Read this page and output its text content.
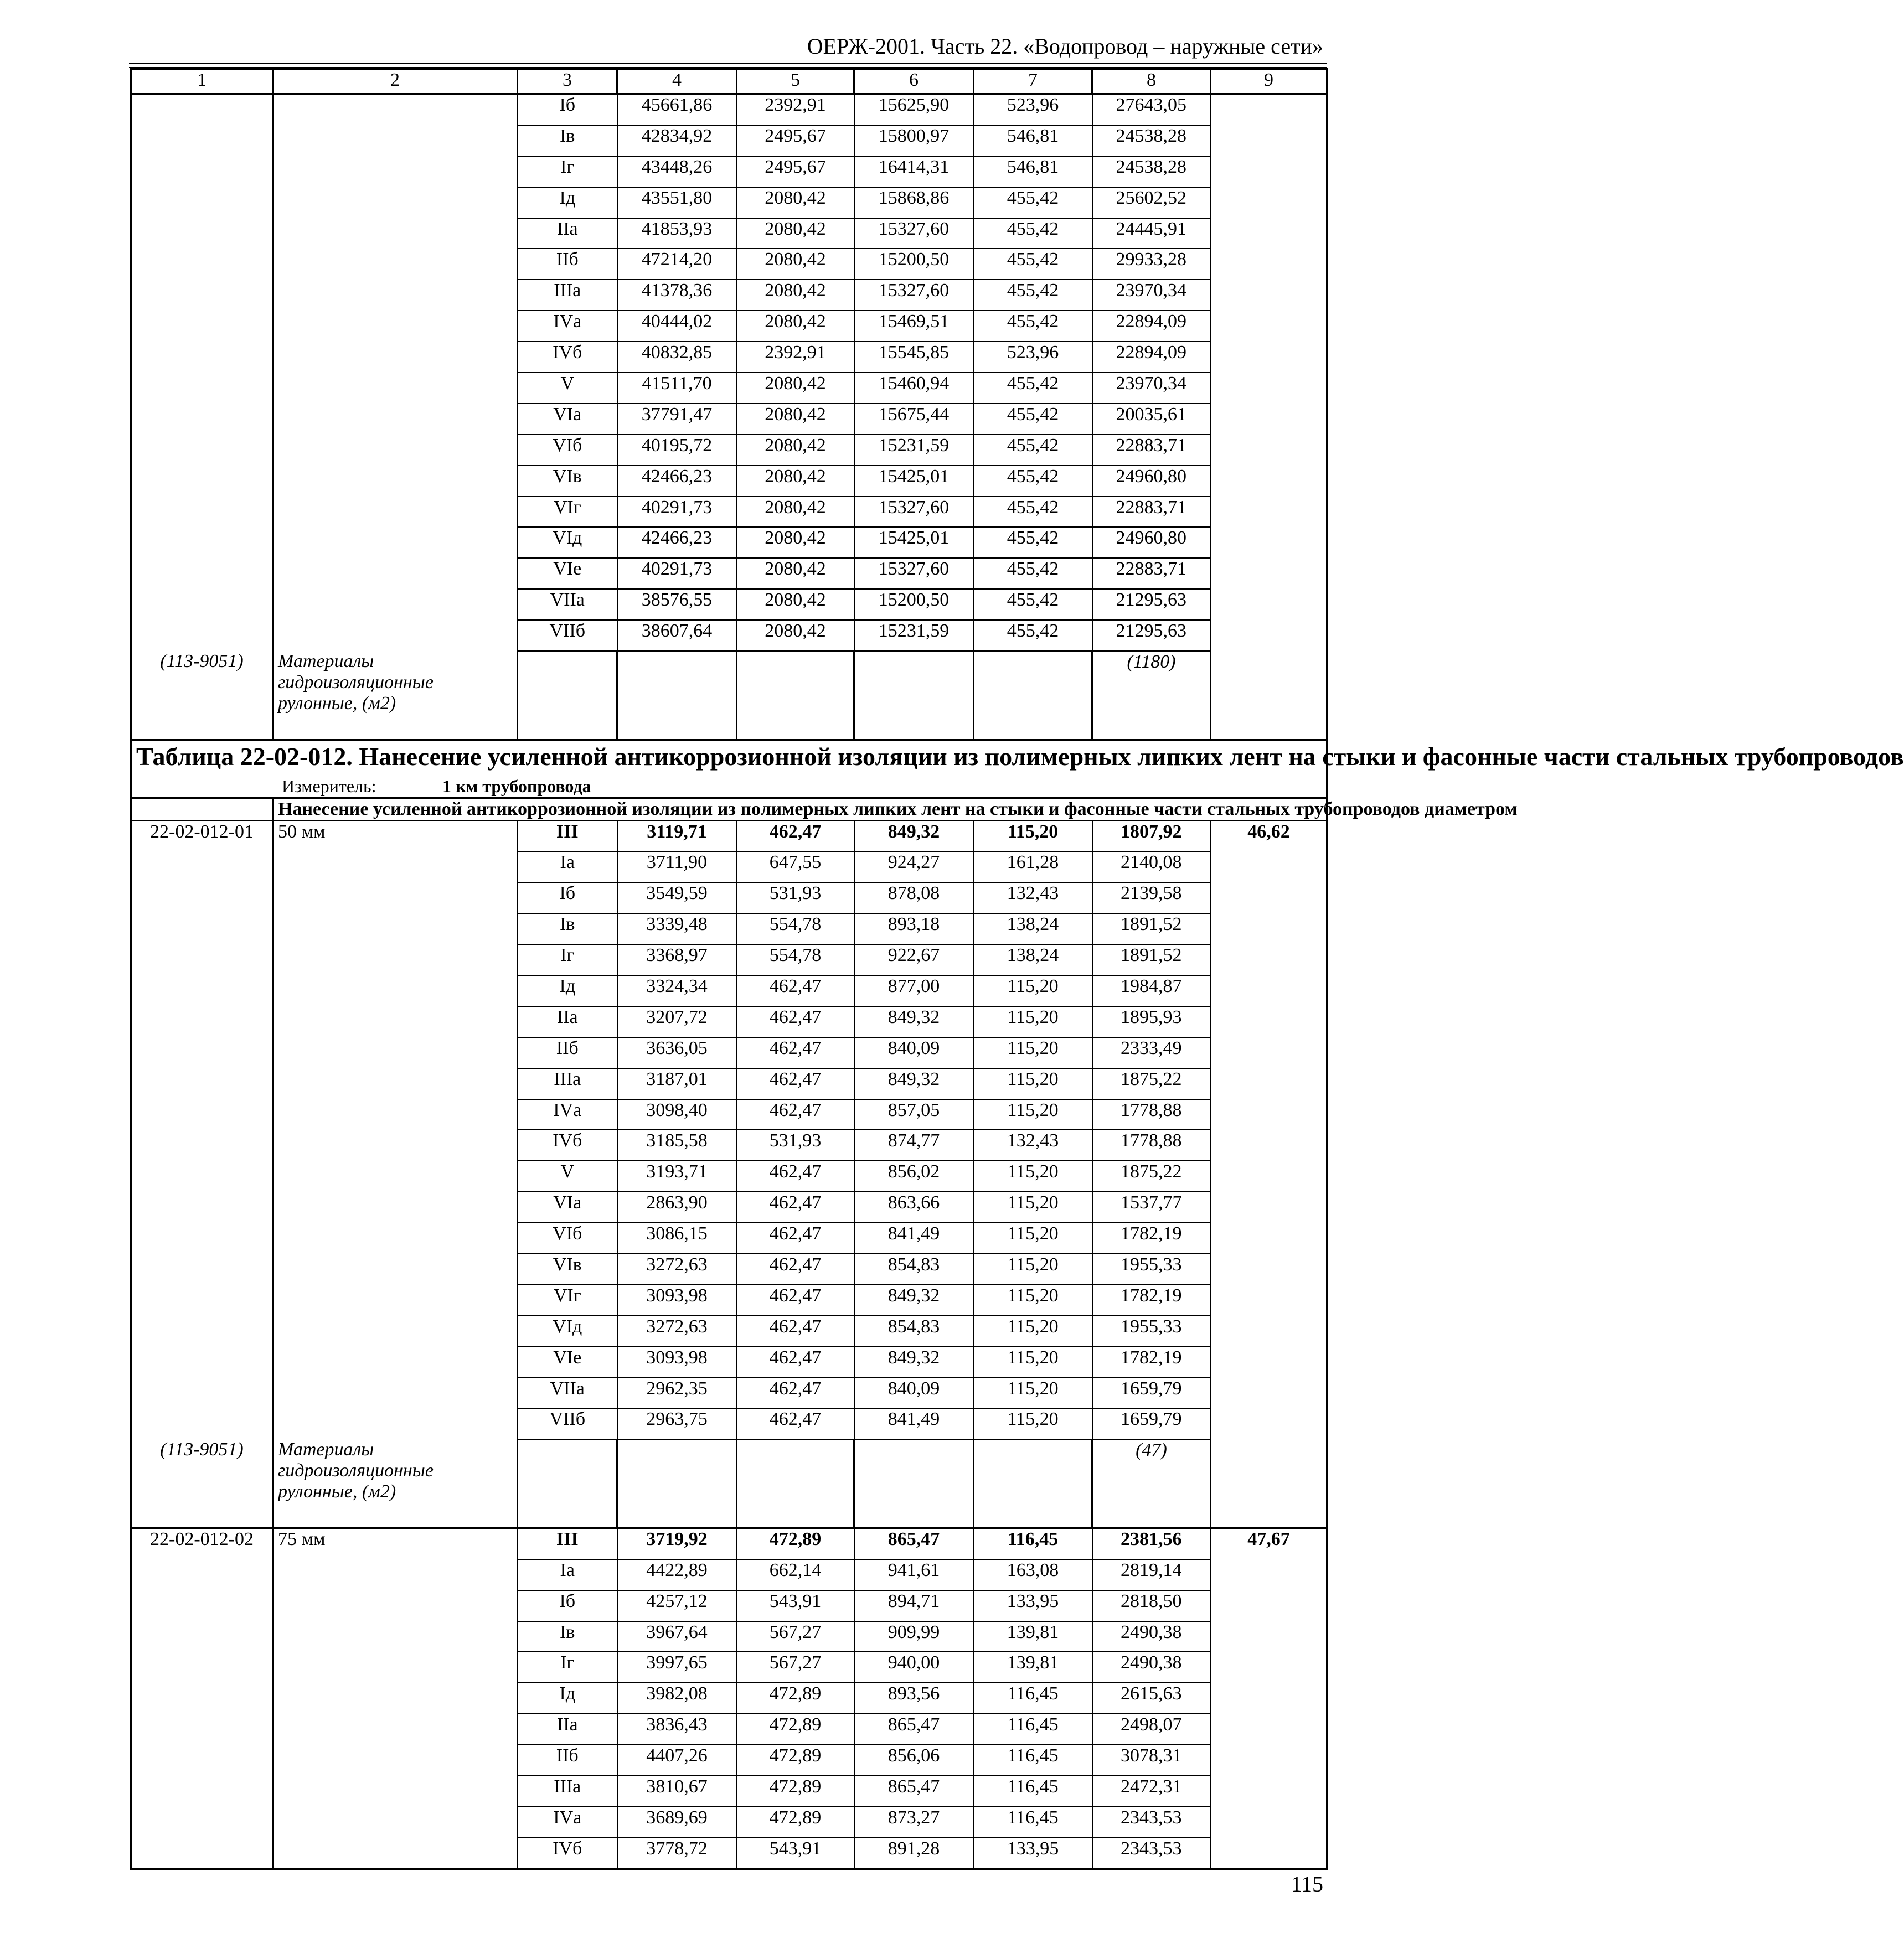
ОЕРЖ-2001. Часть 22. «Водопровод – наружные сети»
1	2	3	4	5	6	7	8	9
		Iб	45661,86	2392,91	15625,90	523,96	27643,05	
		Iв	42834,92	2495,67	15800,97	546,81	24538,28	
		Iг	43448,26	2495,67	16414,31	546,81	24538,28	
		Iд	43551,80	2080,42	15868,86	455,42	25602,52	
		IIа	41853,93	2080,42	15327,60	455,42	24445,91	
		IIб	47214,20	2080,42	15200,50	455,42	29933,28	
		IIIа	41378,36	2080,42	15327,60	455,42	23970,34	
		IVа	40444,02	2080,42	15469,51	455,42	22894,09	
		IVб	40832,85	2392,91	15545,85	523,96	22894,09	
		V	41511,70	2080,42	15460,94	455,42	23970,34	
		VIа	37791,47	2080,42	15675,44	455,42	20035,61	
		VIб	40195,72	2080,42	15231,59	455,42	22883,71	
		VIв	42466,23	2080,42	15425,01	455,42	24960,80	
		VIг	40291,73	2080,42	15327,60	455,42	22883,71	
		VIд	42466,23	2080,42	15425,01	455,42	24960,80	
		VIе	40291,73	2080,42	15327,60	455,42	22883,71	
		VIIа	38576,55	2080,42	15200,50	455,42	21295,63	
		VIIб	38607,64	2080,42	15231,59	455,42	21295,63	
(113-9051)	Материалы гидроизоляционные рулонные, (м2)						(1180)	

Таблица 22-02-012. Нанесение усиленной антикоррозионной изоляции из полимерных липких лент на стыки и фасонные части стальных трубопроводов
Измеритель: 1 км трубопровода								

	Нанесение усиленной антикоррозионной изоляции из полимерных липких лент на стыки и фасонные части стальных трубопроводов диаметром							
22-02-012-01	50 мм	III	3119,71	462,47	849,32	115,20	1807,92	46,62
		Iа	3711,90	647,55	924,27	161,28	2140,08	
		Iб	3549,59	531,93	878,08	132,43	2139,58	
		Iв	3339,48	554,78	893,18	138,24	1891,52	
		Iг	3368,97	554,78	922,67	138,24	1891,52	
		Iд	3324,34	462,47	877,00	115,20	1984,87	
		IIа	3207,72	462,47	849,32	115,20	1895,93	
		IIб	3636,05	462,47	840,09	115,20	2333,49	
		IIIа	3187,01	462,47	849,32	115,20	1875,22	
		IVа	3098,40	462,47	857,05	115,20	1778,88	
		IVб	3185,58	531,93	874,77	132,43	1778,88	
		V	3193,71	462,47	856,02	115,20	1875,22	
		VIа	2863,90	462,47	863,66	115,20	1537,77	
		VIб	3086,15	462,47	841,49	115,20	1782,19	
		VIв	3272,63	462,47	854,83	115,20	1955,33	
		VIг	3093,98	462,47	849,32	115,20	1782,19	
		VIд	3272,63	462,47	854,83	115,20	1955,33	
		VIе	3093,98	462,47	849,32	115,20	1782,19	
		VIIа	2962,35	462,47	840,09	115,20	1659,79	
		VIIб	2963,75	462,47	841,49	115,20	1659,79	
(113-9051)	Материалы гидроизоляционные рулонные, (м2)						(47)	
22-02-012-02	75 мм	III	3719,92	472,89	865,47	116,45	2381,56	47,67
		Iа	4422,89	662,14	941,61	163,08	2819,14	
		Iб	4257,12	543,91	894,71	133,95	2818,50	
		Iв	3967,64	567,27	909,99	139,81	2490,38	
		Iг	3997,65	567,27	940,00	139,81	2490,38	
		Iд	3982,08	472,89	893,56	116,45	2615,63	
		IIа	3836,43	472,89	865,47	116,45	2498,07	
		IIб	4407,26	472,89	856,06	116,45	3078,31	
		IIIа	3810,67	472,89	865,47	116,45	2472,31	
		IVа	3689,69	472,89	873,27	116,45	2343,53	
		IVб	3778,72	543,91	891,28	133,95	2343,53	
115
